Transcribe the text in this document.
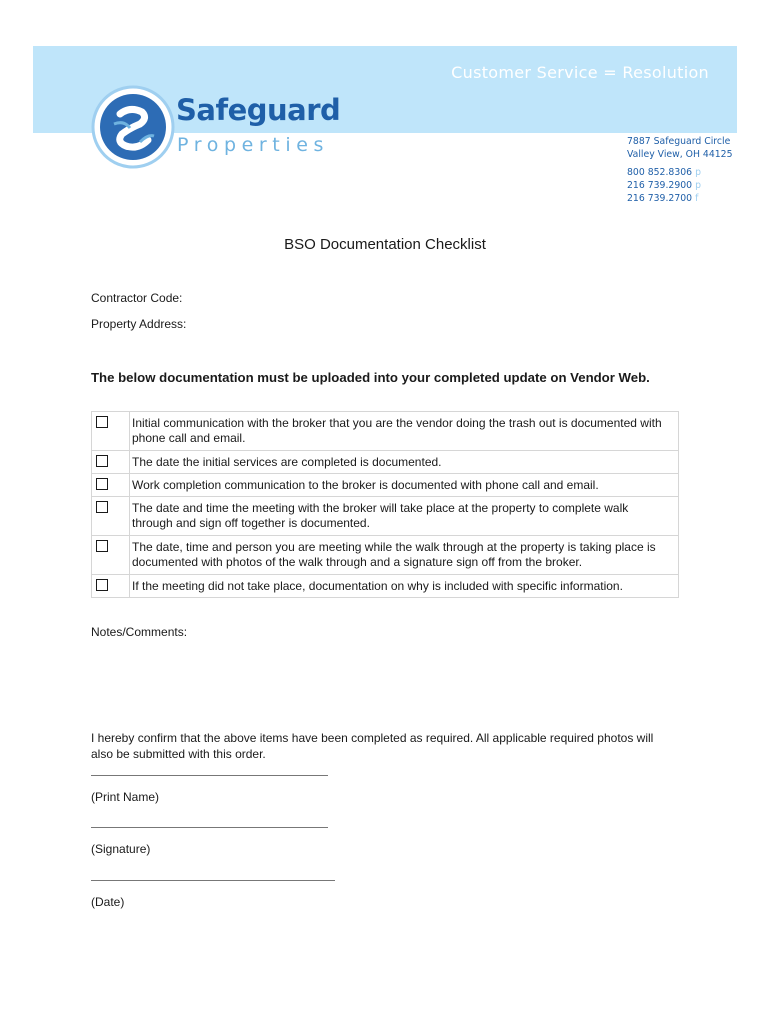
Customer Service = Resolution
Safeguard
Properties	7887 Safeguard Circle
Valley View, OH 44125
800 852.8306 p
216 739.2900 p
216 739.2700 f
BSO Documentation Checklist
Contractor Code:
Property Address:
The below documentation must be uploaded into your completed update on Vendor Web.
	Initial communication with the broker that you are the vendor doing the trash out is documented with phone call and email.

	The date the initial services are completed is documented.

	Work completion communication to the broker is documented with phone call and email.

	The date and time the meeting with the broker will take place at the property to complete walk through and sign off together is documented.

	The date, time and person you are meeting while the walk through at the property is taking place is documented with photos of the walk through and a signature sign off from the broker.

	If the meeting did not take place, documentation on why is included with specific information.
Notes/Comments:
I hereby confirm that the above items have been completed as required. All applicable required photos will also be submitted with this order.
(Print Name)
(Signature)
(Date)
